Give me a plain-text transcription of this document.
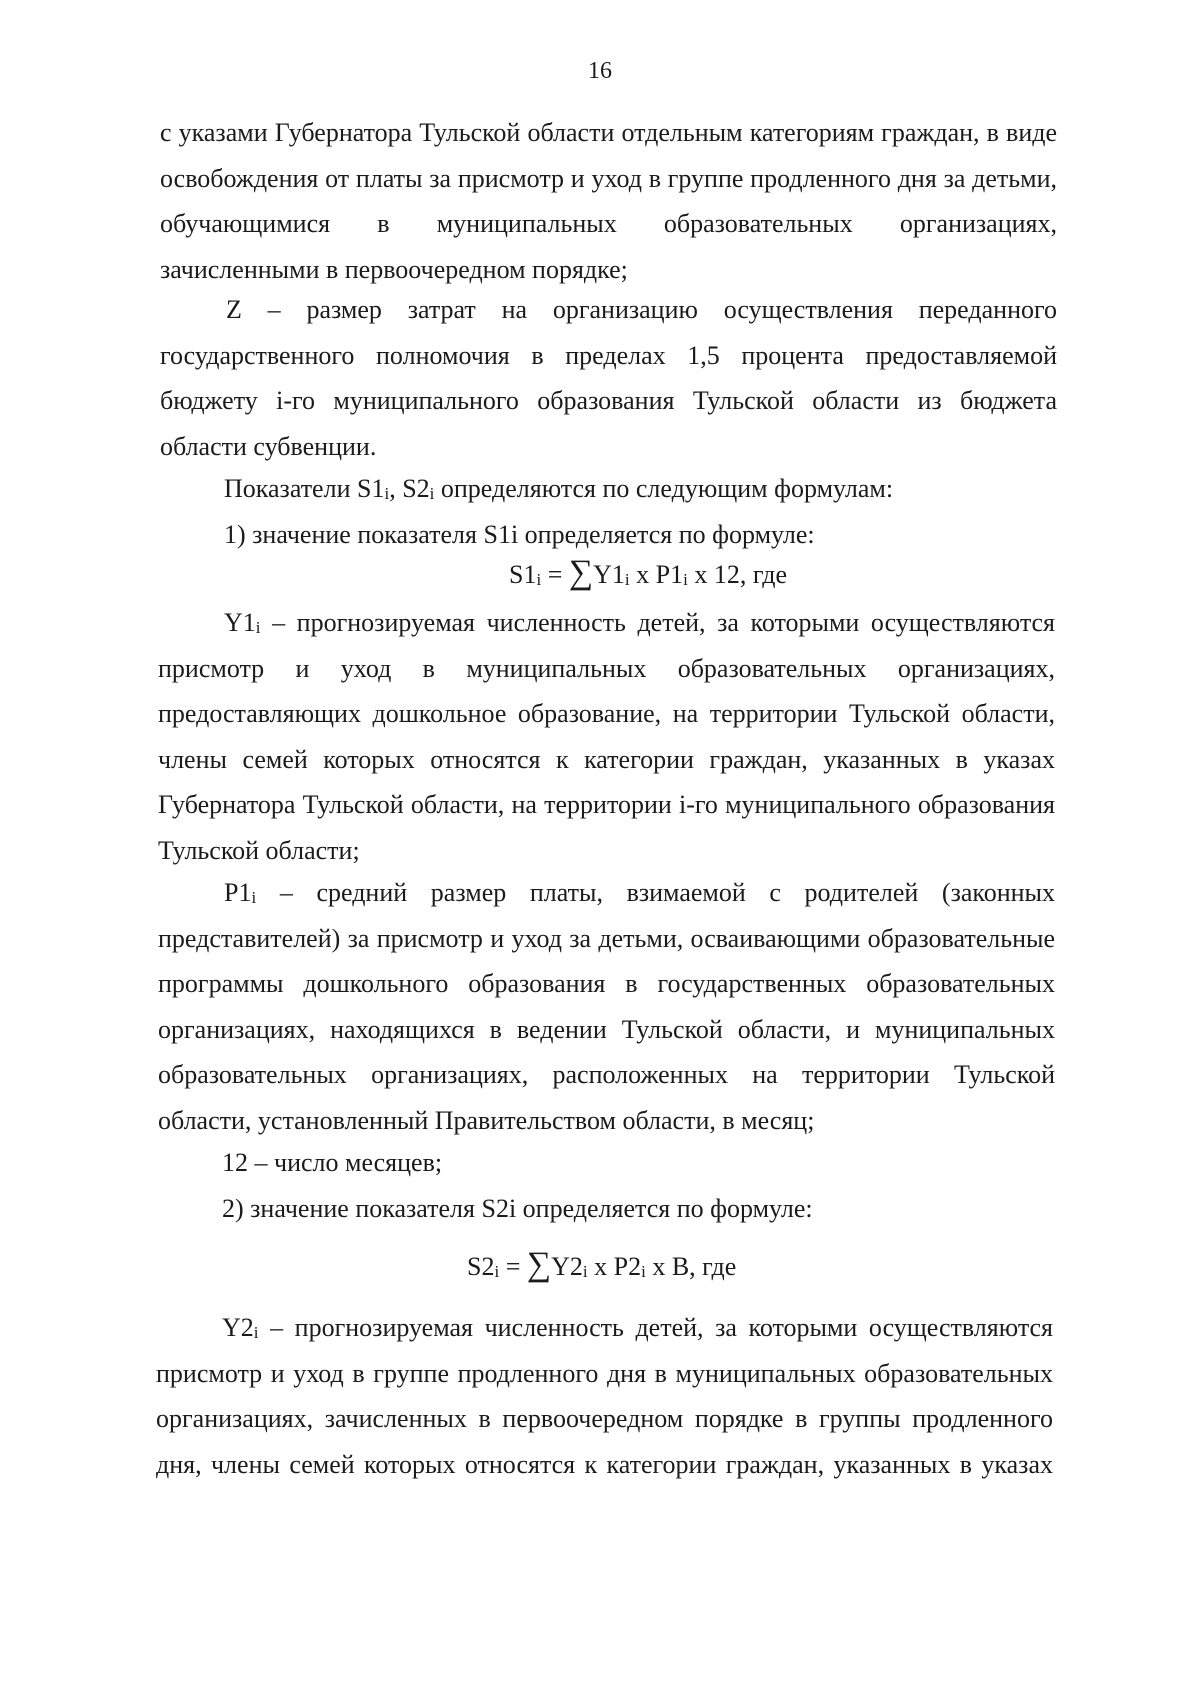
16
с указами Губернатора Тульской области отдельным категориям граждан, в виде
освобождения от платы за присмотр и уход в группе продленного дня за детьми,
обучающимися в муниципальных образовательных организациях,
зачисленными в первоочередном порядке;
Z – размер затрат на организацию осуществления переданного
государственного полномочия в пределах 1,5 процента предоставляемой
бюджету i-го муниципального образования Тульской области из бюджета
области субвенции.
Показатели $S1_i$, $S2_i$ определяются по следующим формулам:
1) значение показателя S1i определяется по формуле:
$S1_i = \sum Y1_i$ x $P1_i$ x 12, где
$Y1_i$ – прогнозируемая численность детей, за которыми осуществляются
присмотр и уход в муниципальных образовательных организациях,
предоставляющих дошкольное образование, на территории Тульской области,
члены семей которых относятся к категории граждан, указанных в указах
Губернатора Тульской области, на территории i-го муниципального образования
Тульской области;
$P1_i$ – средний размер платы, взимаемой с родителей (законных
представителей) за присмотр и уход за детьми, осваивающими образовательные
программы дошкольного образования в государственных образовательных
организациях, находящихся в ведении Тульской области, и муниципальных
образовательных организациях, расположенных на территории Тульской
области, установленный Правительством области, в месяц;
12 – число месяцев;
2) значение показателя S2i определяется по формуле:
$S2_i = \sum Y2_i$ x $P2_i$ x B, где
$Y2_i$ – прогнозируемая численность детей, за которыми осуществляются
присмотр и уход в группе продленного дня в муниципальных образовательных
организациях, зачисленных в первоочередном порядке в группы продленного
дня, члены семей которых относятся к категории граждан, указанных в указах
